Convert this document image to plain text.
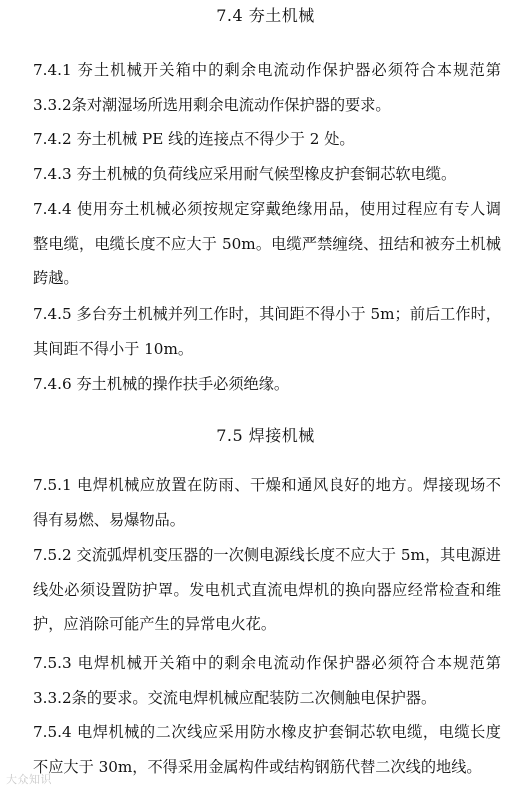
7.4 夯土机械
7.4.1 夯土机械开关箱中的剩余电流动作保护器必须符合本规范第3.3.2条对潮湿场所选用剩余电流动作保护器的要求。
7.4.2 夯土机械 PE 线的连接点不得少于 2 处。
7.4.3 夯土机械的负荷线应采用耐气候型橡皮护套铜芯软电缆。
7.4.4 使用夯土机械必须按规定穿戴绝缘用品，使用过程应有专人调整电缆，电缆长度不应大于 50m。电缆严禁缠绕、扭结和被夯土机械跨越。
7.4.5 多台夯土机械并列工作时，其间距不得小于 5m；前后工作时，其间距不得小于 10m。
7.4.6 夯土机械的操作扶手必须绝缘。
7.5 焊接机械
7.5.1 电焊机械应放置在防雨、干燥和通风良好的地方。焊接现场不得有易燃、易爆物品。
7.5.2 交流弧焊机变压器的一次侧电源线长度不应大于 5m，其电源进线处必须设置防护罩。发电机式直流电焊机的换向器应经常检查和维护，应消除可能产生的异常电火花。
7.5.3 电焊机械开关箱中的剩余电流动作保护器必须符合本规范第3.3.2条的要求。交流电焊机械应配装防二次侧触电保护器。
7.5.4 电焊机械的二次线应采用防水橡皮护套铜芯软电缆，电缆长度不应大于 30m，不得采用金属构件或结构钢筋代替二次线的地线。
大众知识
